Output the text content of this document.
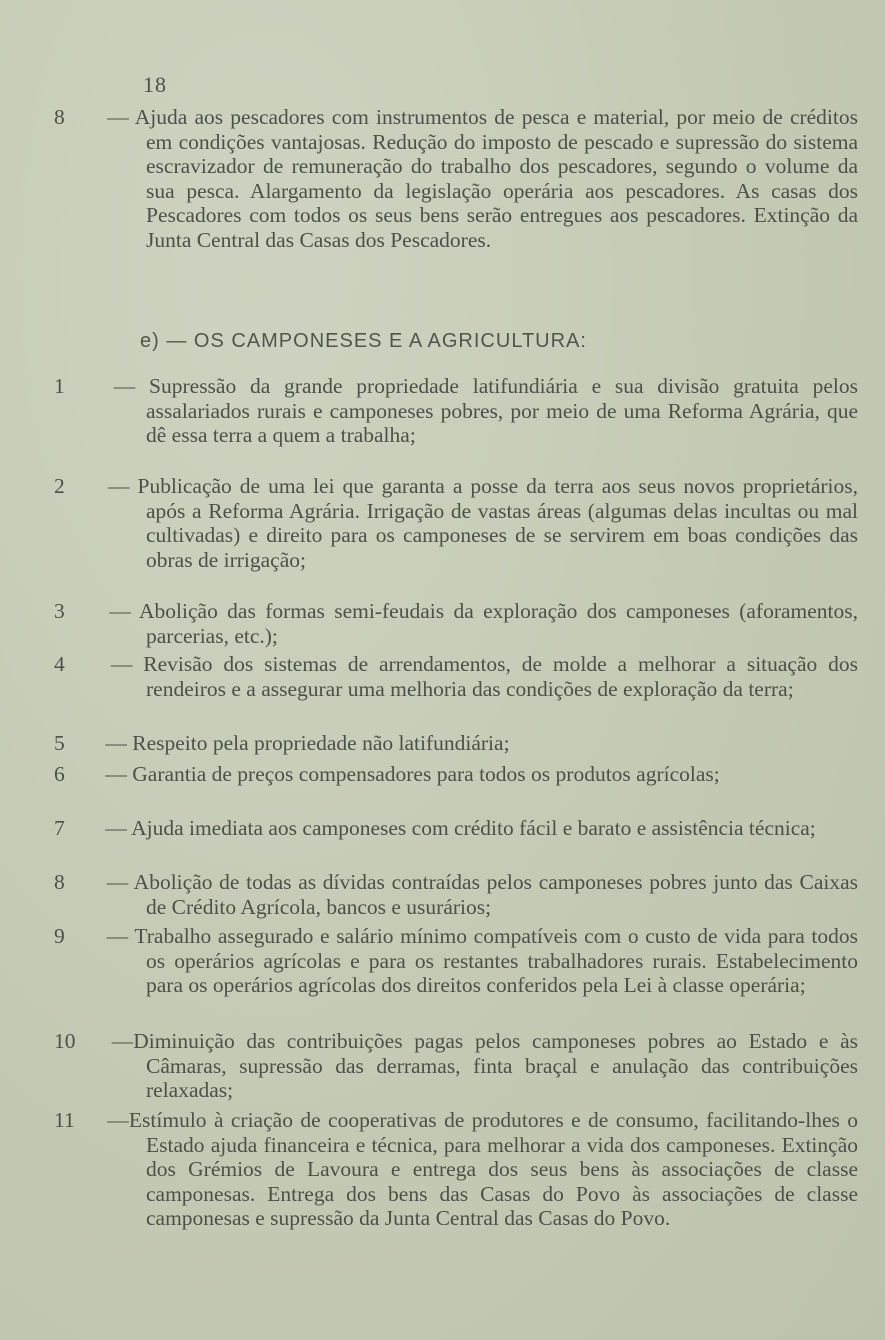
18
8 — Ajuda aos pescadores com instrumentos de pesca e material, por meio de créditos em condições vantajosas. Redução do imposto de pescado e supressão do sistema escravizador de remuneração do trabalho dos pescadores, segundo o volume da sua pesca. Alargamento da legislação operária aos pescadores. As casas dos Pescadores com todos os seus bens serão entregues aos pescadores. Extinção da Junta Central das Casas dos Pescadores.
e) — OS CAMPONESES E A AGRICULTURA:
1 — Supressão da grande propriedade latifundiária e sua divisão gratuita pelos assalariados rurais e camponeses pobres, por meio de uma Reforma Agrária, que dê essa terra a quem a trabalha;
2 — Publicação de uma lei que garanta a posse da terra aos seus novos proprietários, após a Reforma Agrária. Irrigação de vastas áreas (algumas delas incultas ou mal cultivadas) e direito para os camponeses de se servirem em boas condições das obras de irrigação;
3 — Abolição das formas semi-feudais da exploração dos camponeses (aforamentos, parcerias, etc.);
4 — Revisão dos sistemas de arrendamentos, de molde a melhorar a situação dos rendeiros e a assegurar uma melhoria das condições de exploração da terra;
5 — Respeito pela propriedade não latifundiária;
6 — Garantia de preços compensadores para todos os produtos agrícolas;
7 — Ajuda imediata aos camponeses com crédito fácil e barato e assistência técnica;
8 — Abolição de todas as dívidas contraídas pelos camponeses pobres junto das Caixas de Crédito Agrícola, bancos e usurários;
9 — Trabalho assegurado e salário mínimo compatíveis com o custo de vida para todos os operários agrícolas e para os restantes trabalhadores rurais. Estabelecimento para os operários agrícolas dos direitos conferidos pela Lei à classe operária;
10 —Diminuição das contribuições pagas pelos camponeses pobres ao Estado e às Câmaras, supressão das derramas, finta braçal e anulação das contribuições relaxadas;
11 —Estímulo à criação de cooperativas de produtores e de consumo, facilitando-lhes o Estado ajuda financeira e técnica, para melhorar a vida dos camponeses. Extinção dos Grémios de Lavoura e entrega dos seus bens às associações de classe camponesas. Entrega dos bens das Casas do Povo às associações de classe camponesas e supressão da Junta Central das Casas do Povo.
